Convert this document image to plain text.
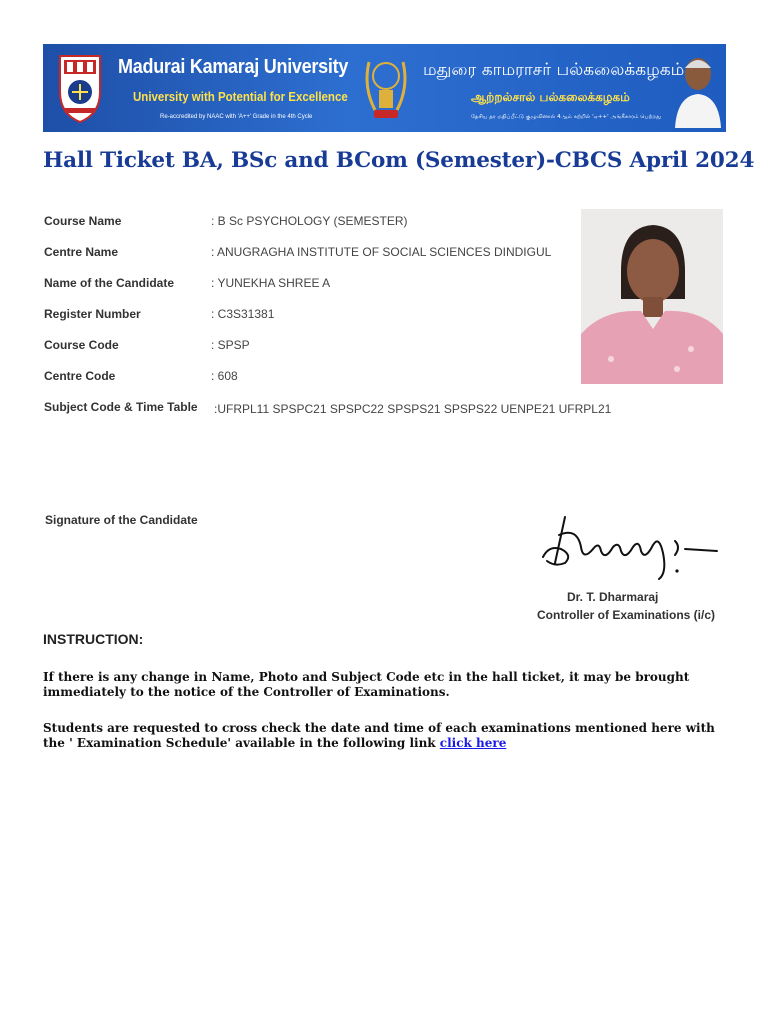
Madurai Kamaraj University
University with Potential for Excellence
Re-accredited by NAAC with 'A++' Grade in the 4th Cycle
மதுரை காமராசர் பல்கலைக்கழகம்
ஆற்றல்சால் பல்கலைக்கழகம்
தேசிய தர மதிப்பீட்டு குழுவினால் 4ஆம் சுற்றில் 'ஏ++' அங்கீகாரம் பெற்றது
Hall Ticket BA, BSc and BCom (Semester)-CBCS April 2024
Course Name	: B Sc PSYCHOLOGY (SEMESTER)
Centre Name	: ANUGRAGHA INSTITUTE OF SOCIAL SCIENCES DINDIGUL
Name of the Candidate	: YUNEKHA SHREE A
Register Number	: C3S31381
Course Code	: SPSP
Centre Code	: 608
Subject Code & Time Table :UFRPL11 SPSPC21 SPSPC22 SPSPS21 SPSPS22 UENPE21 UFRPL21
Signature of the Candidate
Dr. T. Dharmaraj
Controller of Examinations (i/c)
INSTRUCTION:
If there is any change in Name, Photo and Subject Code etc in the hall ticket, it may be brought immediately to the notice of the Controller of Examinations.
Students are requested to cross check the date and time of each examinations mentioned here with the ' Examination Schedule' available in the following link click here
